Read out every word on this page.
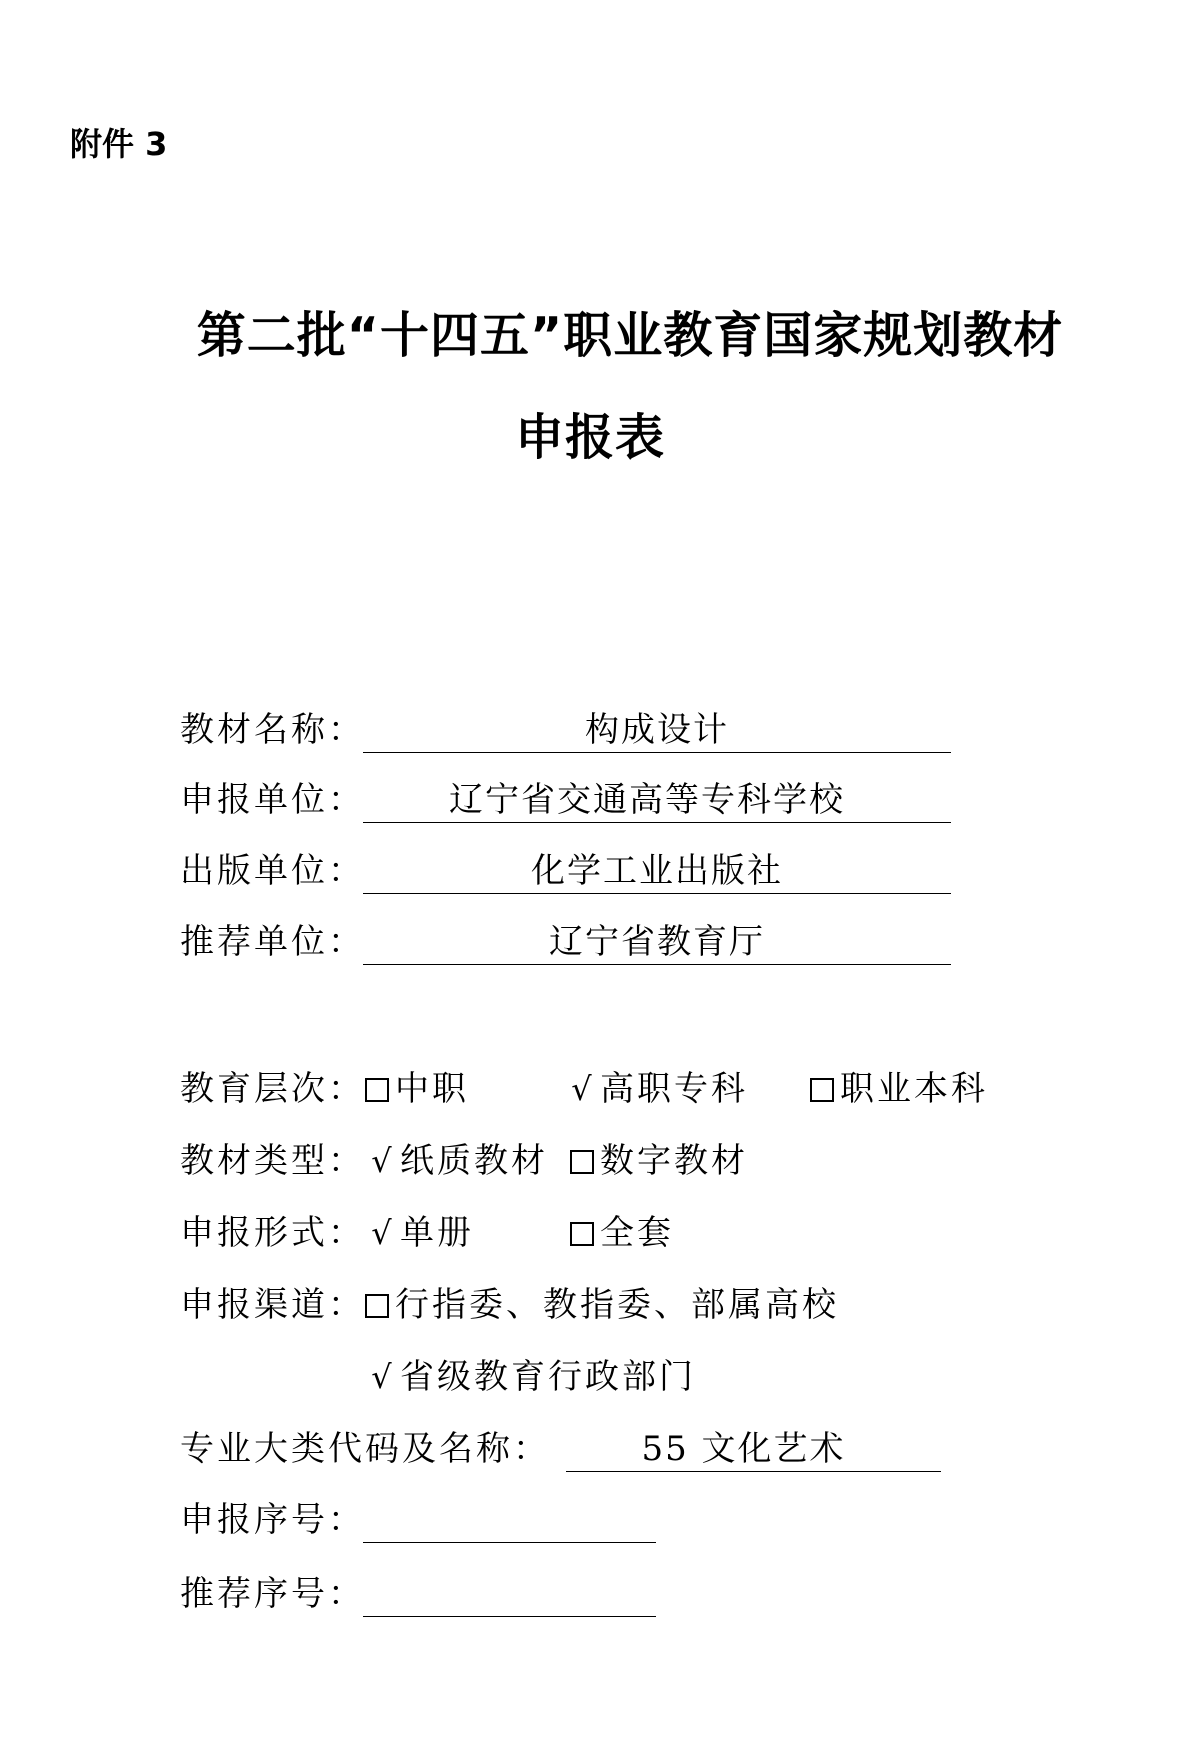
附件 3
第二批“十四五”职业教育国家规划教材
申报表
教材名称：	构成设计
申报单位：	辽宁省交通高等专科学校
出版单位：	化学工业出版社
推荐单位：	辽宁省教育厅
教育层次： 中职	√ 高职专科	职业本科
教材类型： √ 纸质教材	数字教材
申报形式： √ 单册	全套
申报渠道： 行指委、教指委、部属高校
√ 省级教育行政部门
专业大类代码及名称：	55 文化艺术
申报序号：
推荐序号：
